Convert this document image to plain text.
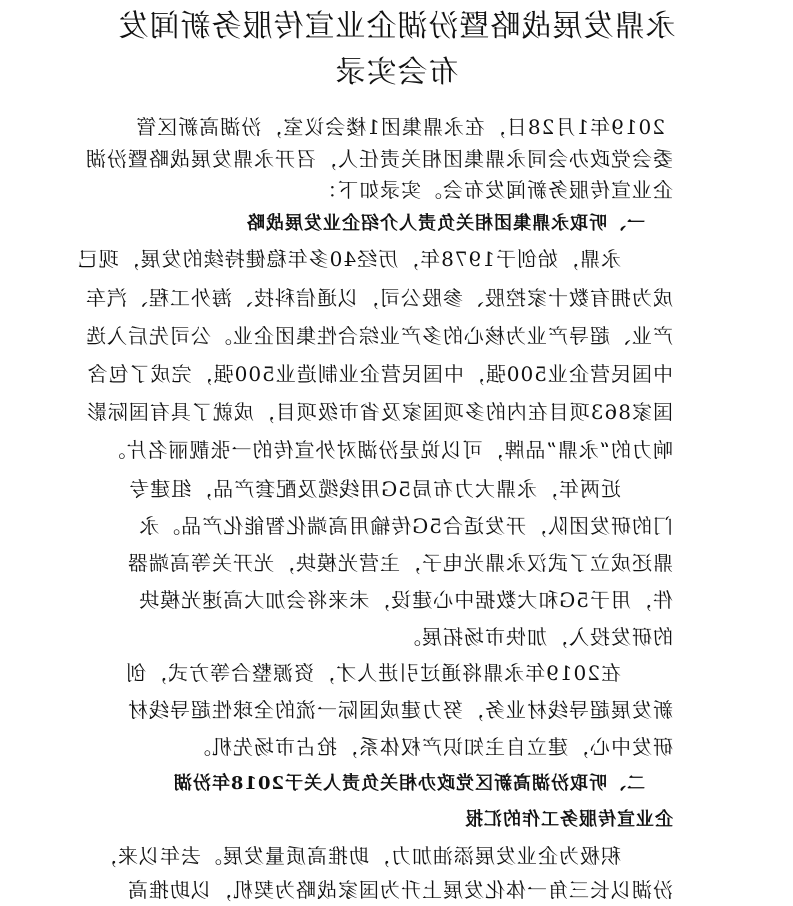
永鼎发展战略暨汾湖企业宣传服务新闻发
布会实录
2019年1月28日，在永鼎集团1楼会议室，汾湖高新区管
委会党政办会同永鼎集团相关责任人，召开永鼎发展战略暨汾湖
企业宣传服务新闻发布会。实录如下：
一、听取永鼎集团相关负责人介绍企业发展战略
永鼎，始创于1978年，历经40多年稳健持续的发展，现已
成为拥有数十家控股、参股公司，以通信科技、海外工程、汽车
产业、超导产业为核心的多产业综合性集团企业。公司先后入选
中国民营企业500强，中国民营企业制造业500强，完成了包含
国家863项目在内的多项国家及省市级项目，成就了具有国际影
响力的“永鼎”品牌，可以说是汾湖对外宣传的一张靓丽名片。
近两年，永鼎大力布局5G用线缆及配套产品，组建专
门的研发团队，开发适合5G传输用高端化智能化产品。永
鼎还成立了武汉永鼎光电子，主营光模块，光开关等高端器
件，用于5G和大数据中心建设，未来将会加大高速光模块
的研发投入，加快市场拓展。
在2019年永鼎将通过引进人才，资源整合等方式，创
新发展超导线材业务，努力建成国际一流的全球性超导线材
研发中心，建立自主知识产权体系，抢占市场先机。
二、听取汾湖高新区党政办相关负责人关于2018年汾湖
企业宣传服务工作的汇报
积极为企业发展添油加力，助推高质量发展。去年以来，
汾湖以长三角一体化发展上升为国家战略为契机，以助推高
